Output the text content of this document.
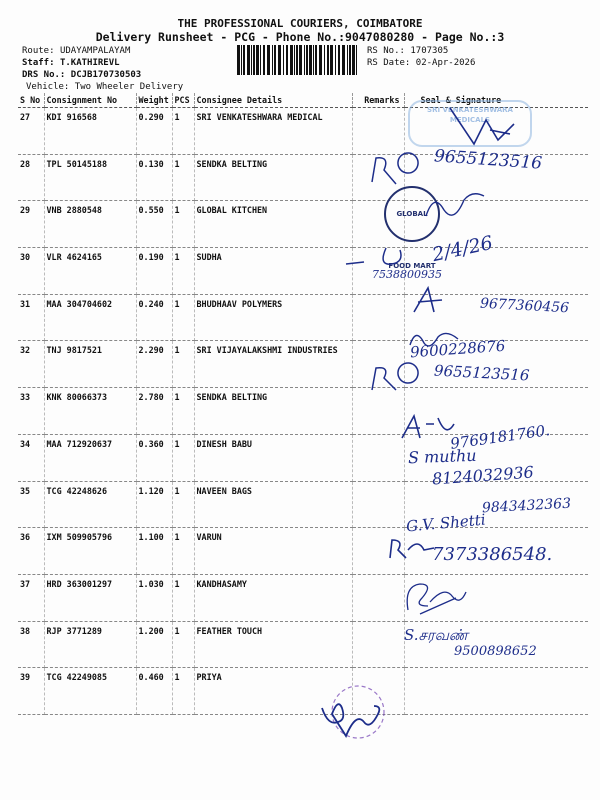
THE PROFESSIONAL COURIERS, COIMBATORE
Delivery Runsheet - PCG - Phone No.:9047080280 - Page No.:3
Route: UDAYAMPALAYAM
Staff: T.KATHIREVL
DRS No.: DCJB170730503
Vehicle: Two Wheeler Delivery
RS No.: 1707305
RS Date: 02-Apr-2026
S No	Consignment No	Weight	PCS	Consignee Details	Remarks	Seal & Signature
27	KDI 916568	0.290	1	SRI VENKATESHWARA MEDICAL		
28	TPL 50145188	0.130	1	SENDKA BELTING		
29	VNB 2880548	0.550	1	GLOBAL KITCHEN		
30	VLR 4624165	0.190	1	SUDHA		
31	MAA 304704602	0.240	1	BHUDHAAV POLYMERS		
32	TNJ 9817521	2.290	1	SRI VIJAYALAKSHMI INDUSTRIES		
33	KNK 80066373	2.780	1	SENDKA BELTING		
34	MAA 712920637	0.360	1	DINESH BABU		
35	TCG 42248626	1.120	1	NAVEEN BAGS		
36	IXM 509905796	1.100	1	VARUN		
37	HRD 363001297	1.030	1	KANDHASAMY		
38	RJP 3771289	1.200	1	FEATHER TOUCH		
39	TCG 42249085	0.460	1	PRIYA		
SRI VENKATESHWARA MEDICALS
9655123516
GLOBAL FOOD MART
2/4/26
7538800935
9677360456
9600228676
9655123516
9769181760.
S muthu
8124032936
9843432363
G.V. Shetti
7373386548.
S.சரவண்
9500898652
